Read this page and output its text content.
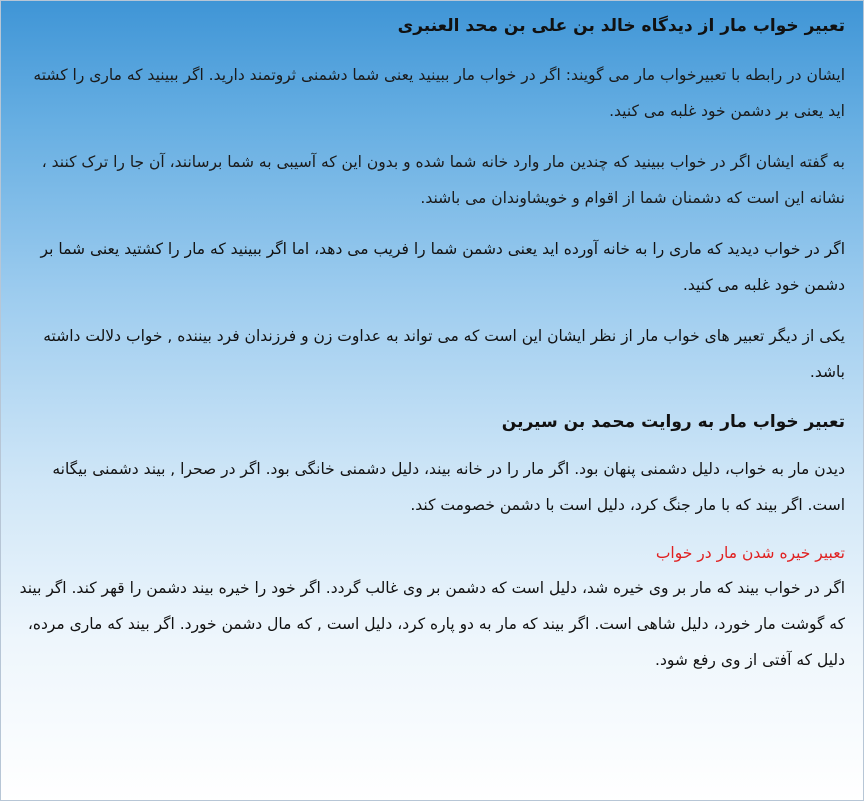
تعبیر خواب مار از دیدگاه خالد بن علی بن محد العنبری

ایشان در رابطه با تعبیرخواب مار می گویند: اگر در خواب مار ببینید یعنی شما دشمنی ثروتمند دارید. اگر ببینید که ماری را کشته اید یعنی بر دشمن خود غلبه می کنید.

به گفته ایشان اگر در خواب ببینید که چندین مار وارد خانه شما شده و بدون این که آسیبی به شما برسانند، آن جا را ترک کنند ، نشانه این است که دشمنان شما از اقوام و خویشاوندان می باشند.

اگر در خواب دیدید که ماری را به خانه آورده اید یعنی دشمن شما را فریب می دهد، اما اگر ببینید که مار را کشتید یعنی شما بر دشمن خود غلبه می کنید.

یکی از دیگر تعبیر های خواب مار از نظر ایشان این است که می تواند به عداوت زن و فرزندان فرد بیننده , خواب دلالت داشته باشد.

تعبیر خواب مار به روایت محمد بن سیرین

دیدن مار به خواب، دلیل دشمنی پنهان بود. اگر مار را در خانه بیند، دلیل دشمنی خانگی بود. اگر در صحرا , بیند دشمنی بیگانه است. اگر بیند که با مار جنگ کرد، دلیل است با دشمن خصومت کند.

تعبیر خیره شدن مار در خواب

اگر در خواب بیند که مار بر وی خیره شد، دلیل است که دشمن بر وی غالب گردد. اگر خود را خیره بیند دشمن را قهر کند. اگر بیند که گوشت مار خورد، دلیل شاهی است. اگر بیند که مار به دو پاره کرد، دلیل است , که مال دشمن خورد. اگر بیند که ماری مرده، دلیل که آفتی از وی رفع شود.
